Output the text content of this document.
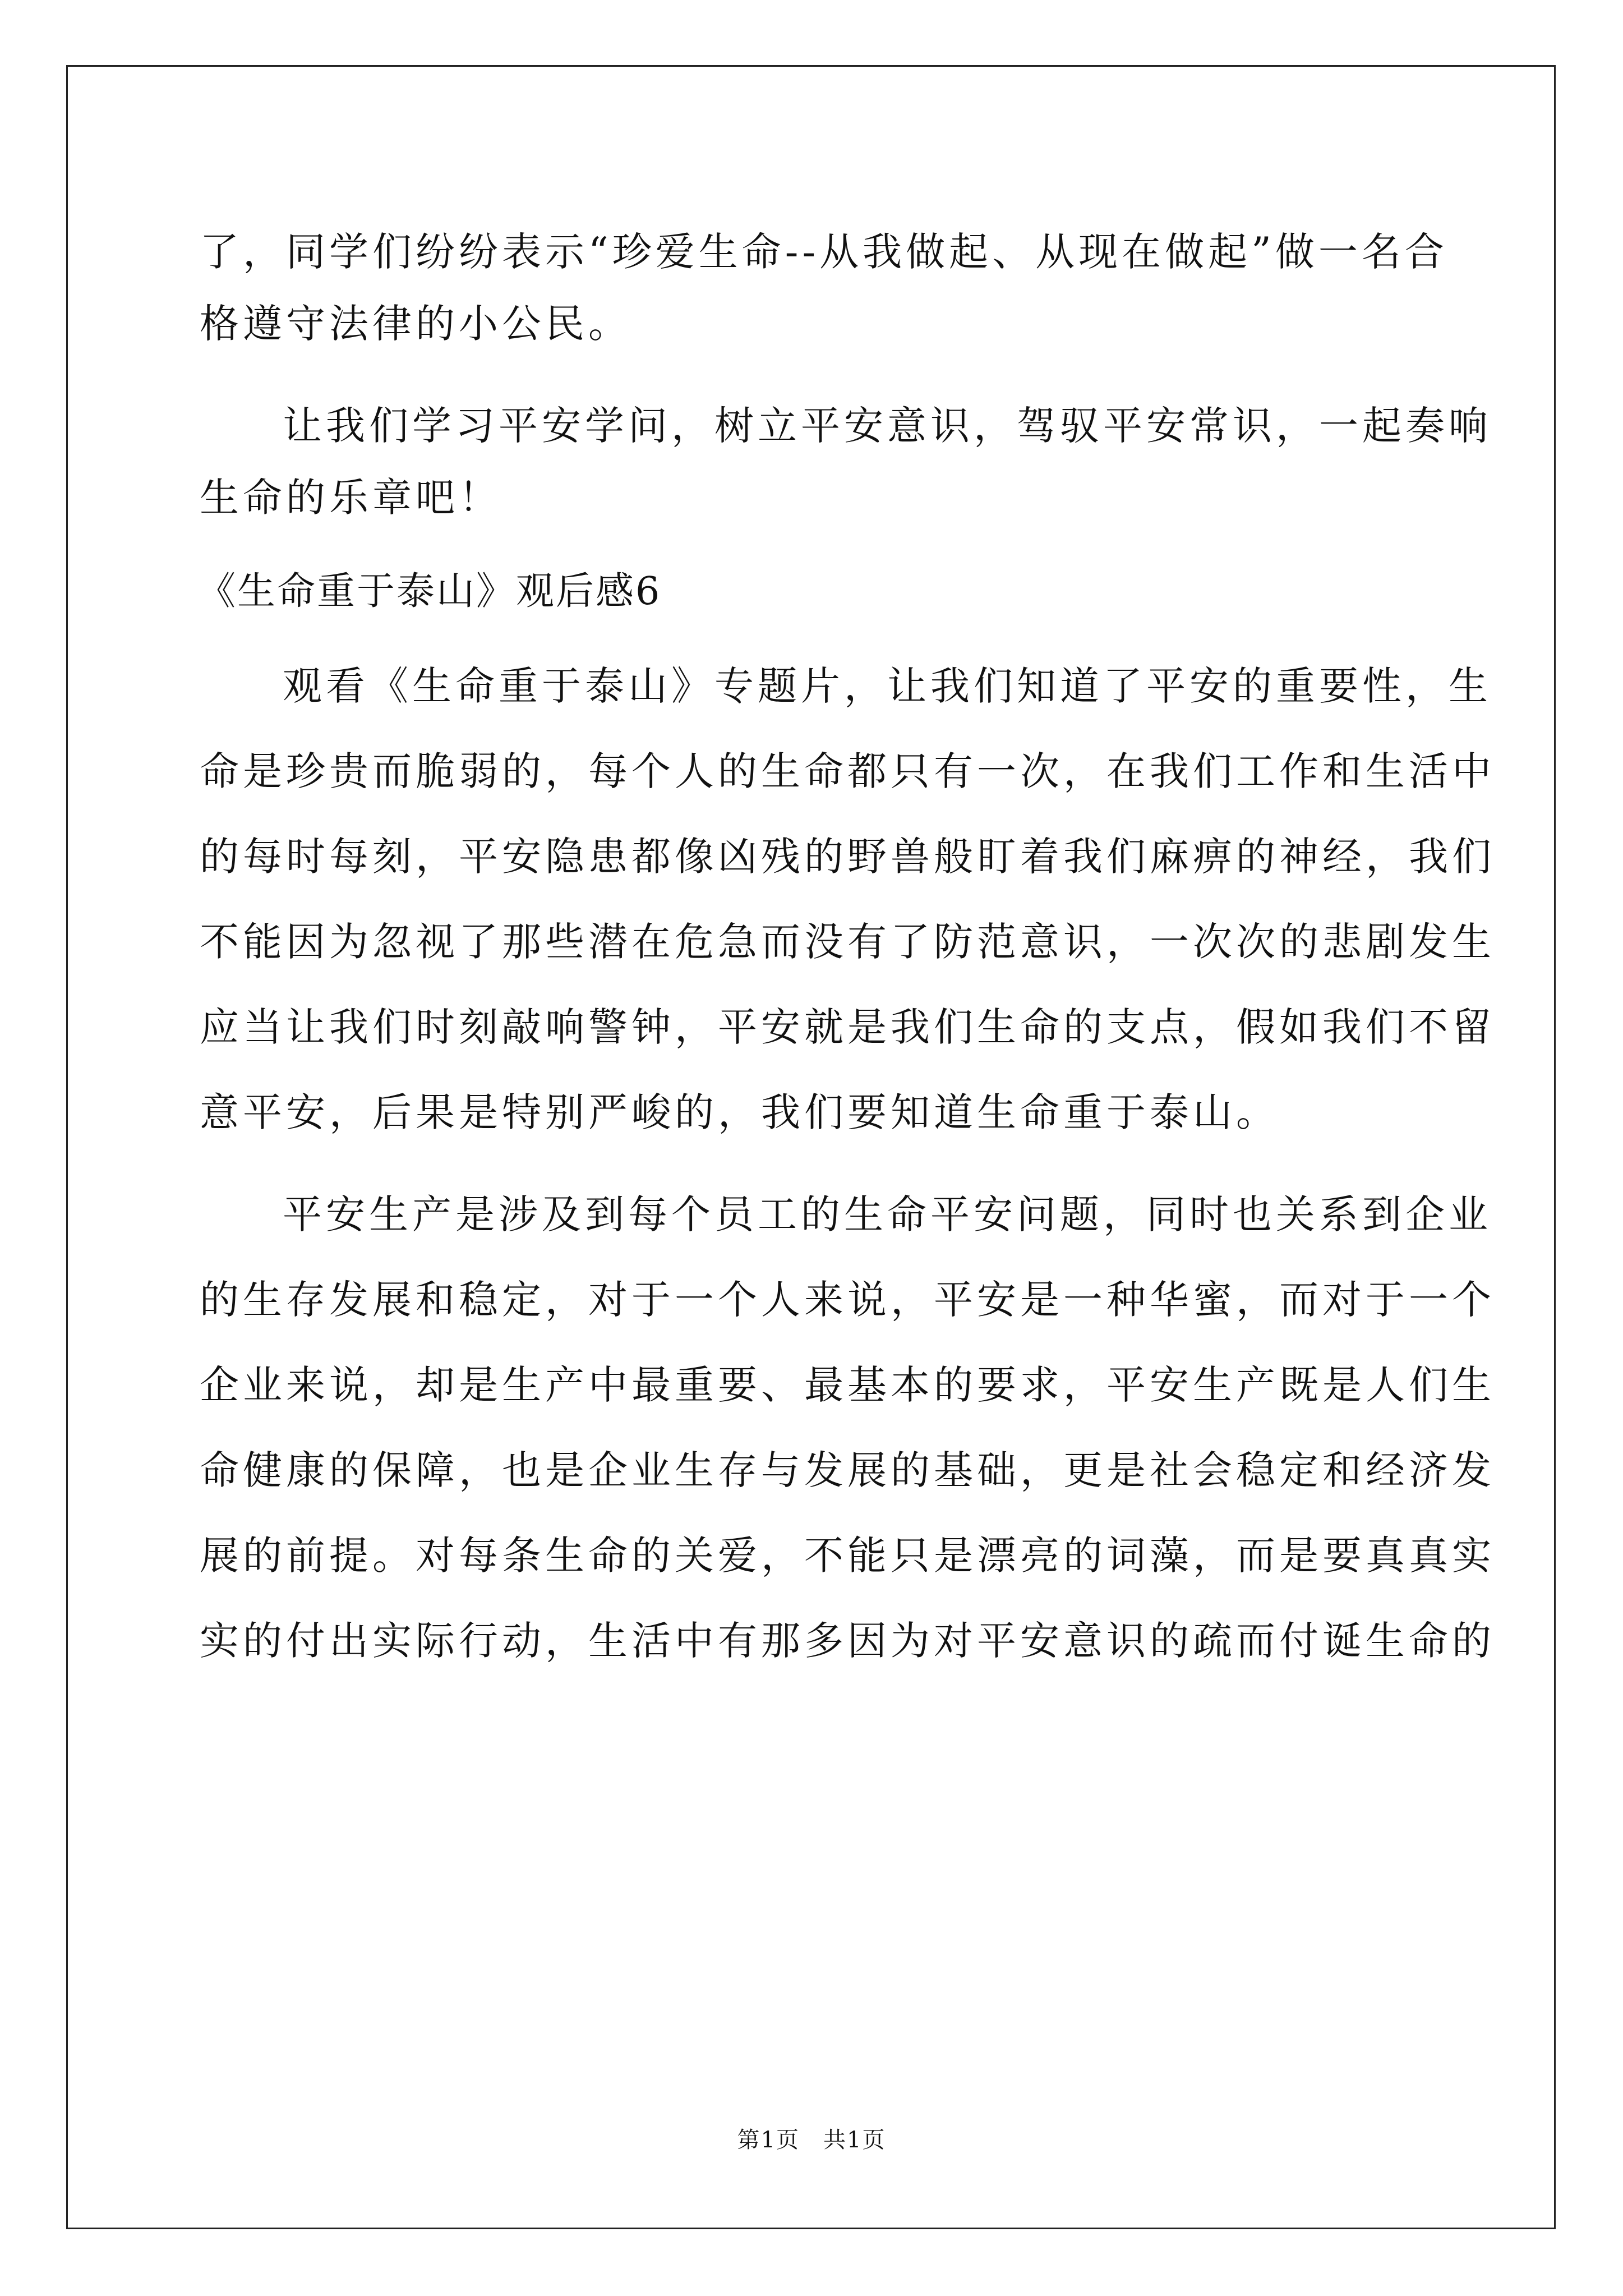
了，同学们纷纷表示“珍爱生命--从我做起、从现在做起”做一名合
格遵守法律的小公民。

让我们学习平安学问，树立平安意识，驾驭平安常识，一起奏响
生命的乐章吧！

《生命重于泰山》观后感6

观看《生命重于泰山》专题片，让我们知道了平安的重要性，生
命是珍贵而脆弱的，每个人的生命都只有一次，在我们工作和生活中
的每时每刻，平安隐患都像凶残的野兽般盯着我们麻痹的神经，我们
不能因为忽视了那些潜在危急而没有了防范意识，一次次的悲剧发生
应当让我们时刻敲响警钟，平安就是我们生命的支点，假如我们不留
意平安，后果是特别严峻的，我们要知道生命重于泰山。

平安生产是涉及到每个员工的生命平安问题，同时也关系到企业
的生存发展和稳定，对于一个人来说，平安是一种华蜜，而对于一个
企业来说，却是生产中最重要、最基本的要求，平安生产既是人们生
命健康的保障，也是企业生存与发展的基础，更是社会稳定和经济发
展的前提。对每条生命的关爱，不能只是漂亮的词藻，而是要真真实
实的付出实际行动，生活中有那多因为对平安意识的疏而付诞生命的

第1页　共1页
